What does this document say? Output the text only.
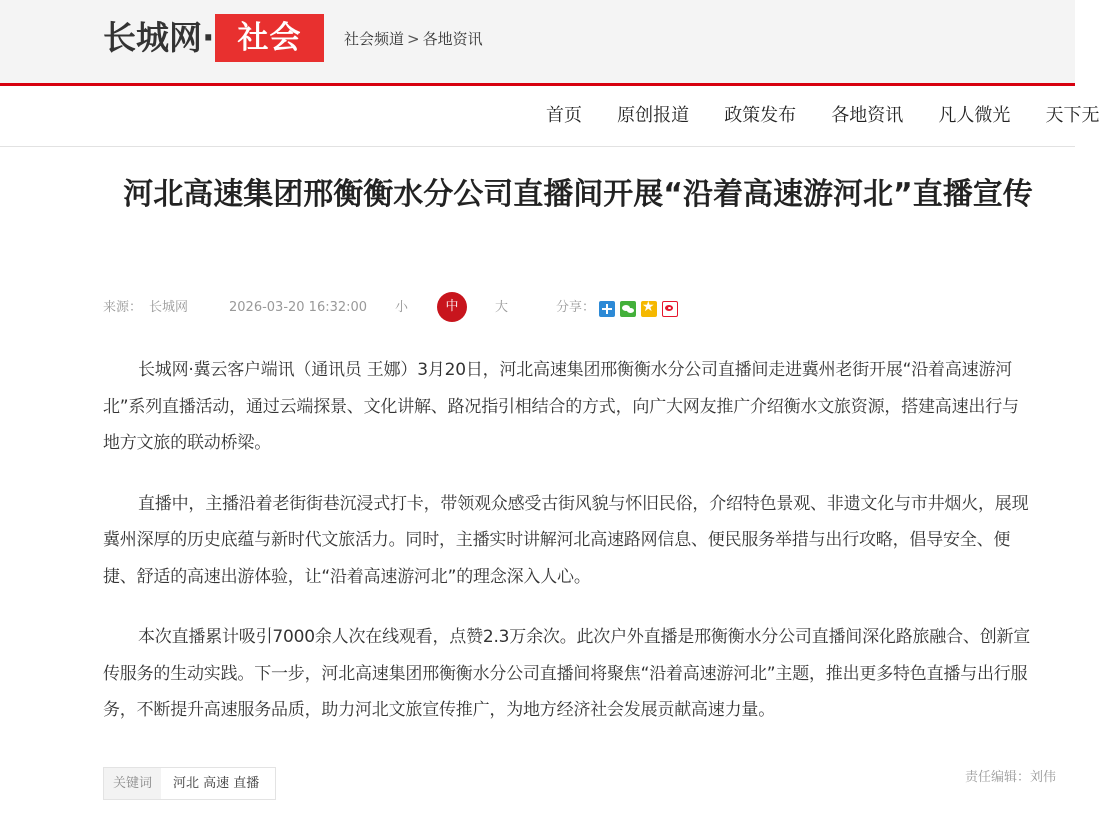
长城网· 社会	社会频道 > 各地资讯
首页 原创报道 政策发布 各地资讯 凡人微光 天下无
河北高速集团邢衡衡水分公司直播间开展“沿着高速游河北”直播宣传
来源： 长城网	2026-03-20 16:32:00 小	大	分享：
中
★

长城网·冀云客户端讯（通讯员 王娜）3月20日，河北高速集团邢衡衡水分公司直播间走进冀州老街开展“沿着高速游河北”系列直播活动，通过云端探景、文化讲解、路况指引相结合的方式，向广大网友推广介绍衡水文旅资源，搭建高速出行与地方文旅的联动桥梁。

直播中，主播沿着老街街巷沉浸式打卡，带领观众感受古街风貌与怀旧民俗，介绍特色景观、非遗文化与市井烟火，展现冀州深厚的历史底蕴与新时代文旅活力。同时，主播实时讲解河北高速路网信息、便民服务举措与出行攻略，倡导安全、便捷、舒适的高速出游体验，让“沿着高速游河北”的理念深入人心。

本次直播累计吸引7000余人次在线观看，点赞2.3万余次。此次户外直播是邢衡衡水分公司直播间深化路旅融合、创新宣传服务的生动实践。下一步，河北高速集团邢衡衡水分公司直播间将聚焦“沿着高速游河北”主题，推出更多特色直播与出行服务，不断提升高速服务品质，助力河北文旅宣传推广，为地方经济社会发展贡献高速力量。

关键词 河北 高速 直播	责任编辑：刘伟
